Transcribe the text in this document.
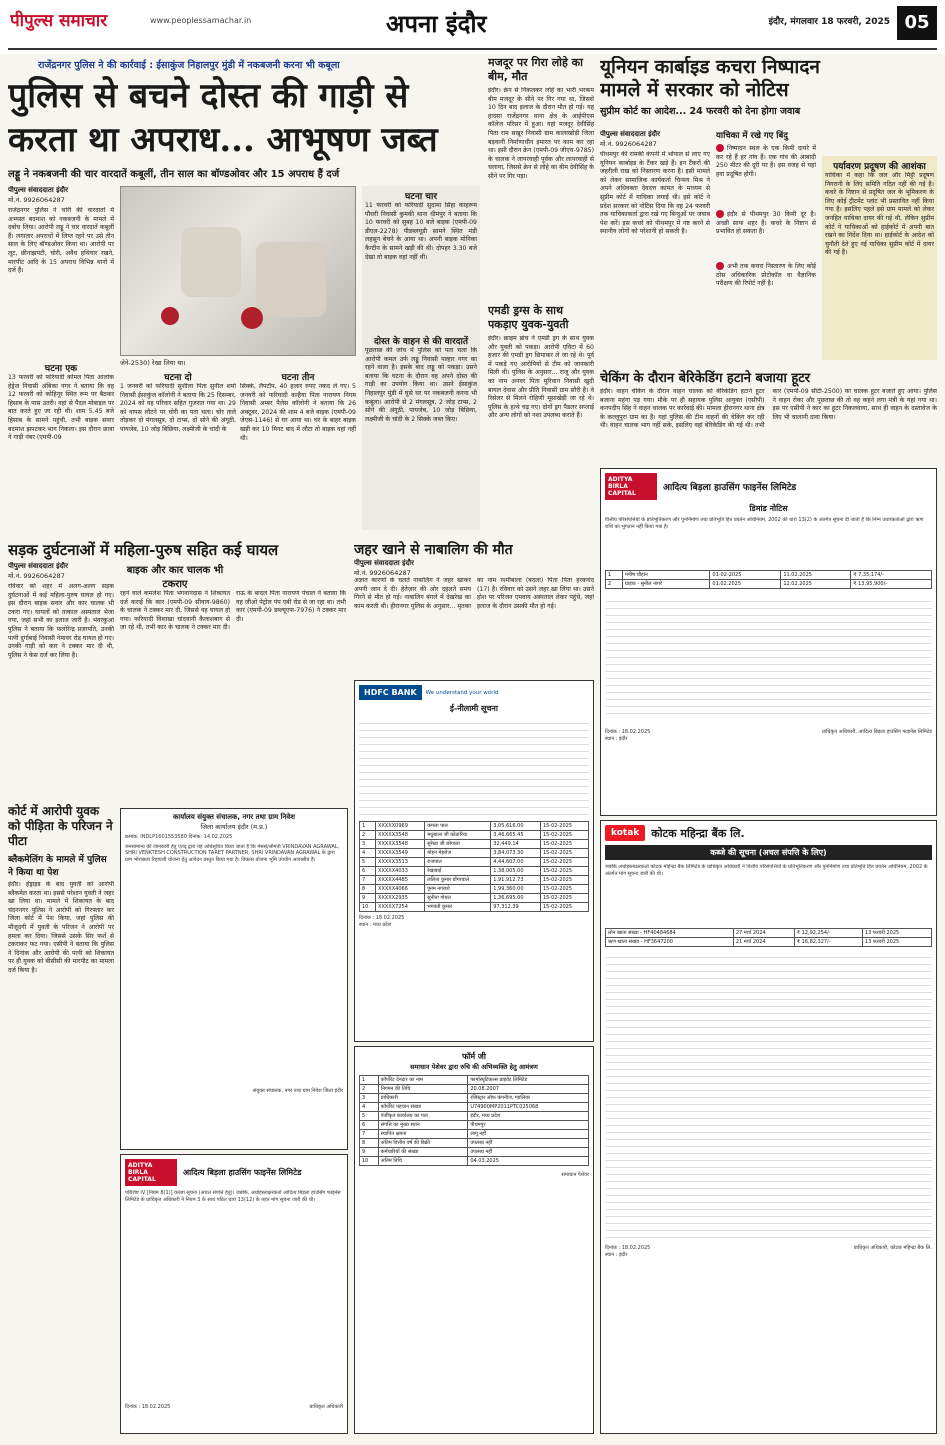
पीपुल्स समाचार	www.peoplessamachar.in	अपना इंदौर	इंदौर, मंगलवार 18 फरवरी, 2025 05
राजेंद्रनगर पुलिस ने की कार्रवाई : ईसाकुंज निहालपुर मुंडी में नकबजनी करना भी कबूला
पुलिस से बचने दोस्त की गाड़ी से
करता था अपराध... आभूषण जब्त
लड्डू ने नकबजनी की चार वारदातें कबूलीं, तीन साल का बॉण्डओवर और 15 अपराध हैं दर्ज
पीपुल्स संवाददाता इंदौर
मो.नं. 9926064287
राजेंद्रनगर पुलिस ने चोरी की वारदातों में अभ्यस्त बदमाश को नकबजनी के मामले में दबोच लिया। आरोपी लड्डू ने चार वारदातें कबूलीं हैं। लगातार अपराधों में लिप्त रहने पर उसे तीन साल के लिए बॉण्डओवर किया था। आरोपी पर लूट, छीनाझपटी, चोरी, अवैध हथियार रखने, मारपीट आदि के 15 अपराध विभिन्न थानों में दर्ज हैं।
घटना एक
13 फरवरी को फरियादी कोमल पिता आलोक हेड्रेज निवासी अंबिका नगर ने बताया कि वह 12 फरवरी को कोहिनूर स्थित रूम पर बैठकर हिसाब के पास उतरी। वहां से पैदल मोबाइल पर बात करते हुए जा रही थी। शाम 5.45 बजे हिसाब के सामने पहुंची, तभी बाइक सवार बदमाश झपटकर भाग निकला। इस दौरान छात्रा ने गाड़ी नंबर (एमपी-09
जेने-2530) रेखा लिया था।
घटना दो
1 जनवरी को फरियादी सुशीला पिता सुनील शर्मा निवासी ईसाकुंज कॉलोनी ने बताया कि 25 दिसम्बर, 2024 को वह परिवार सहित गुजरात गया था। 29 को वापस लौटने पर चोरी का पता चला। चोर ताले तोड़कर दो मंगलसूत्र, दो टाप्स, दो सोने की अंगूठी, पायजेब, 10 जोड़ बिछिया, लक्ष्मीजी के चांदी के
घटना तीन
सिक्के, लैपटॉप, 40 हजार रुपए नकद ले गए। 5 जनवरी को फरियादी कन्हैया पिता नारायण निगम निवासी अम्बर पैलेस कॉलोनी ने बताया कि 26 अक्टूबर, 2024 की शाम 4 बजे बाइक (एमपी-09 जेएस-1146) से घर आया था। घर के बाहर बाइक खड़ी कर 10 मिनट बाद में लौटा तो बाइक वहां नहीं थी।
घटना चार
11 फरवरी को फरियादी सुदामा सिंहा काहरूम पौधरी निवासी कुमकी थाना धीमपुर ने बताया कि 10 फरवरी को सुबह 10 बजे बाइक (एमपी-09 डीएल-2278) पीडब्लयूडी सामने स्थित मंडी लहसुन बेचने के आया था। अपनी बाइक मोनिका कैन्टीन के सामने खड़ी की थी। दोपहर 3.30 बजे देखा तो बाइक वहां नहीं थी।
दोस्त के वाहन से की वारदातें
पूछताछ की जांच में पुलिस को पता चला कि आरोपी कमल उर्फ लड्डू निवासी पल्हार नगर का रहने वाला है। इसके बाद लड्डू को पकड़ा। उसने बताया कि घटना के दौरान वह अपने दोस्त की गाड़ी का उपयोग किया था। उसने ईसाकुंज निहालपुर मुंडी में घुसे घर पर नकबजनी करना भी कबूला। आरोपी से 2 मंगलसूत्र, 2 जोड़ टाप्स, 2 सोने की अंगूठी, पायजेब, 10 जोड़ बिछिया, लक्ष्मीजी के चांदी के 2 सिक्के जब्त किए।
मजदूर पर गिरा लोहे का बीम, मौत
इंदौर। क्रेन से निकलकर लोहे का भारी भरकम बीम मजदूर के सीने पर गिर गया था, जिससे 10 दिन बाद इलाज के दौरान मौत हो गई। यह हादसा राजेंद्रनगर थाना क्षेत्र के आईपीएस कॉलेज परिसर में हुआ। यहां मजदूर देवीसिंह पिता राम सखूर निवासी ग्राम कालाखोड़ी जिला बड़वानी निर्माणाधीन इमारत पर काम कर रहा था। इसी दौरान क्रेन (एमपी-09 जीएच-9785) के चालक ने लापरवाही पूर्वक और लापरवाही से चलाया, जिससे क्रेन से लोहे का बीम देवीसिंह के सीने पर गिर पड़ा।
एमडी ड्रग्स के साथ पकड़ाए युवक-युवती
इंदौर। क्राइम ब्रांच ने एमडी ड्रग के साथ युवक और युवती को पकड़ा। आरोपी एविटा में 60 हजार की एमडी ड्रग छिपाकर ले जा रहे थे। पूर्व में पकड़े गए आरोपियों से टीम को जानकारी मिली थी। पुलिस के अनुसार... राजू और युवक का नाम अनवर पिता मुरिवान निवासी खुदी बायल देवास और प्रीति निवासी ग्राम सौरी है। वे रिसेलर से मिलने रोहिणी मूसाखेड़ी जा रहे थे। पुलिस के हत्थे चढ़ गए। दोनों ड्रग पैडलर सप्लाई और अन्य लोगों को नशा उपलब्ध कराते हैं।
यूनियन कार्बाइड कचरा निष्पादन
मामले में सरकार को नोटिस
सुप्रीम कोर्ट का आदेश... 24 फरवरी को देना होगा जवाब
पीपुल्स संवाददाता इंदौर
मो.नं. 9926064287
पीथमपुर की रामकी कंपनी में भोपाल से लाए गए यूनियन कार्बाइड के टैंकर खड़े हैं। इन टैंकरों की जहरीली राख को निस्तारण करना है। इसी मामले को लेकर सामाजिक कार्यकर्ता चिन्मय मिश्र ने अपने अधिवक्ता देवदत्त कामत के माध्यम से सुप्रीम कोर्ट में याचिका लगाई थी। इसे कोर्ट ने प्रदेश सरकार को नोटिस दिया कि वह 24 फरवरी तक याचिकाकर्ता द्वारा रखे गए बिन्दुओं पर जवाब पेश करें। इस कचरे को पीथमपुर में नष्ट करने से स्थानीय लोगों को परेशानी हो सकती है।
याचिका में रखे गए बिंदु
निष्पादन स्थल के एक किमी दायरे में कर रहे हैं हर गांव हैं। एक गांव की आबादी 250 मीटर की दूरी पर है। इस वजह से यहां हवा प्रदूषित होगी।
इंदौर से पीथमपुर 30 किमी दूर है। अच्छी साफ शहर हैं। कचरे के निष्टान से प्रभावित हो सकता है।
अभी तक कचरा निस्तारण के लिए कोई ठोस अधिकारिक प्रोटोकॉल वा वैज्ञानिक परीक्षण की रिपोर्ट नहीं है।
पर्यावरण प्रदूषण की आशंका
याचिका में कहा कि जल और मिट्टी प्रदूषण निगरानी के लिए समिति गठित नहीं की गई है। कचरे के निष्टान से प्रदूषित जल के भूमिकरण के लिए कोई ट्रीटमेंट प्लांट भी प्रस्तावित नहीं किया गया है। इसलिए पहले इसे ग्राम मामले को लेकर जनहित याचिका दायर की गई थी, लेकिन सुप्रीम कोर्ट ने याचिकाओं को हाईकोर्ट में अपनी बात रखने का निर्देश दिया था। हाईकोर्ट के आदेश को चुनौती देते हुए नई याचिका सुप्रीम कोर्ट में दायर की गई है।
चेकिंग के दौरान बेरिकेडिंग हटाने बजाया हूटर
इंदौर। वाहन चेकिंग के दौरान वाहन चालक को बेरिकेडिंग हटाने हूटर बजाना महंगा पड़ गया। मौके पर ही सहायक पुलिस आयुक्त (एसीपी) कनपदीप सिंह ने वाहन चालक पर कार्रवाई की। मामला हीरानगर थाना क्षेत्र के कल्लूपुरा ग्राम का है। यहां पुलिस की टीम वाहनों की चेकिंग कर रही थी। वाहन चालक भाग नहीं सके, इसलिए वहां बेरिकेडिंग की गई थी। तभी कार (एमपी-09 सीटी-2500) का चालक हूटर बजाते हुए आया। पुलिस ने वाहन रोका और पूछताछ की तो वह कहने लगा मंत्री के यहां गया था। इस पर एसीपी ने कार का हूटर निकलवाया, साथ ही वाहन के दस्तावेज के लिए भी चालानी दावा किया।
ADITYA BIRLA CAPITAL
आदित्य बिड़ला हाउसिंग फाइनेंस लिमिटेड
डिमांड नोटिस
वित्तीय परिसंपत्तियों के प्रतिभूतिकरण और पुनर्निर्माण तथा प्रतिभूति हित प्रवर्तन अधिनियम, 2002 की धारा 13(2) के अंतर्गत सूचना दी जाती है कि निम्न उधारकर्ताओं द्वारा ऋण राशि का भुगतान नहीं किया गया है।
1	मनीष चौहान	01-02-2025	11.02.2025	₹ 7,35,174/-
2	ग्राहक - सुनील नागरे	01.02.2025	12.02.2025	₹ 13,95,900/-
दिनांक : 18.02.2025	प्राधिकृत अधिकारी, आदित्य बिड़ला हाउसिंग फाइनेंस लिमिटेड
स्थान : इंदौर
सड़क दुर्घटनाओं में महिला-पुरुष सहित कई घायल
पीपुल्स संवाददाता इंदौर
मो.नं. 9926064287
रविवार को शहर में अलग-अलग सड़क दुर्घटनाओं में कई महिला-पुरुष घायल हो गए। इस दौरान बाइक सवार और कार चालक भी टकरा गए। घायलों को तत्काल अस्पताल भेजा गया, जहां सभी का इलाज जारी है। भंवरकुआं पुलिस ने बताया कि फलोरेन्द्र प्रजापति, उनकी पत्नी दुर्गाबाई निवासी नेमावर रोड घायल हो गए। उनकी गाड़ी को कार ने टक्कर मार दी थी, पुलिस ने केस दर्ज कर लिया है।
बाइक और कार चालक भी टकराए
रहने वाले कमलेश पिता भगवानदास ने शिकायत दर्ज कराई कि कार (एमपी-09 सीवाय-9860) के चालक ने टक्कर मार दी, जिससे वह घायल हो गया। फरियादी विशाखा चांदवानी कैलाशबाग से जा रहे थी, तभी कार के चालक ने टक्कर मार दी। राऊ के बादल पिता नारायण पंचाल ने बताया कि वह जीओ पेट्रोल पंप एबी रोड से जा रहा था। तभी कार (एमपी-09 डब्ल्यूएफ-7976) ने टक्कर मार दी।
कोर्ट में आरोपी युवक को पीड़िता के परिजन ने पीटा
ब्लैकमेलिंग के मामले में पुलिस ने किया था पेश
इंदौर। हेड्राइड के बाद युवती को आरोपी ब्लैकमेल करता था। इससे परेशान युवती ने जहर खा लिया था। मामले में शिकायत के बाद चंदननगर पुलिस ने आरोपी को गिरफ्तार कर जिला कोर्ट में पेश किया, जहां पुलिस की मौजूदगी में युवती के परिजन ने आरोपी पर हमला कर दिया। जिससे उसके सिर फर्श से टकराकर फट गया। एसीपी ने बताया कि पुलिस ने दिनांक और आरोपी की पत्नी को शिकायत पर ही युवक को बीसीसी की मारपीट का मामला दर्ज किया है।
जहर खाने से नाबालिग की मौत
पीपुल्स संवाददाता इंदौर
मो.नं. 9926064287
अज्ञात कारणों के चलते नाबालिग ने जहर खाकर अपनी जान दे दी। हेतेज़ार की ओर दहलते समय गिरने से मौत हो गई। नाबालिग बंगले में देखरेख का काम करती थी। हीरानगर पुलिस के अनुसार... मृतका का नाम रश्मीबाला (बदला) पिता पिता हरकचंद (17) है। रविवार को उसने जहर खा लिया था। उसने होश पर परिजन एमवाय अस्पताल लेकर पहुंचे, जहां इलाज के दौरान उसकी मौत हो गई।
कार्यालय संयुक्त संचालक, नगर तथा ग्राम निवेश
जिला कार्यालय इंदौर (म.प्र.)
क्रमांक: INDLP1601553580 दिनांक: 14.02.2025
जनसामान्य की जानकारी हेतु एतद् द्वारा यह अधिसूचित किया जाता है कि मेसर्स/श्रीमती VRINDAVAN AGRAWAL, SHRI VENKTESH CONSTRUCTION TARET PARTNER, SHRI VRINDAVAN AGRAWAL के द्वारा ग्राम भोरासला रिहायशी योजना हेतु आवेदन प्रस्तुत किया गया है। विकास योजना भूमि उपयोग आवासीय है।
संयुक्त संचालक, नगर तथा ग्राम निवेश जिला इंदौर
HDFC BANK	We understand your world
ई-नीलामी सूचना
1	XXXXX0969	कमला पाल	3,05,616.00	15-02-2025
2	XXXXX3548	मधुबाला जी कोठारिया	3,46,665.45	15-02-2025
3	XXXXX3548	सुरेखा जी छोगाला	32,449.14	15-02-2025
4	XXXXX3549	मोहन मेहरोज	3,84,073.30	15-02-2025
5	XXXXX3513	राजपाल	4,44,607.00	15-02-2025
6	XXXXX4033	रेखाबाई	1,38,005.00	15-02-2025
7	XXXXX4485	ललिता कुमार डोंगरवाले	1,91,912.73	15-02-2025
8	XXXXX4066	पूनम नगराशे	1,99,360.00	15-02-2025
9	XXXXX2935	सुनीता गोयल	1,36,695.00	15-02-2025
10	XXXXX7254	भगवती कुमार	97,312.39	15-02-2025
दिनांक : 18.02.2025
स्थान : मध्य प्रदेश
फॉर्म जी
समाधान पेशेवर द्वारा रुचि की अभिव्यक्ति हेतु आमंत्रण
1	कॉर्पोरेट देनदार का नाम	फार्मास्यूटिकल्स प्राइवेट लिमिटेड
2	निगमन की तिथि	20.08.2007
3	प्राधिकारी	रजिस्ट्रार ऑफ कंपनीज, ग्वालियर
4	कॉर्पोरेट पहचान संख्या	U74900MP2011PTC025068
5	पंजीकृत कार्यालय का पता	इंदौर, मध्य प्रदेश
6	संपत्ति का मुख्य स्थान	पीथमपुर
7	स्थापित क्षमता	लागू नहीं
8	अंतिम वित्तीय वर्ष की बिक्री	उपलब्ध नहीं
9	कर्मचारियों की संख्या	उपलब्ध नहीं
10	अंतिम तिथि	04.03.2025
समाधान पेशेवर
ADITYA BIRLA CAPITAL
आदित्य बिड़ला हाउसिंग फाइनेंस लिमिटेड
परिशिष्ट IV [नियम 8(1)] कब्जा सूचना (अचल संपत्ति हेतु)। जबकि, अधोहस्ताक्षरकर्ता आदित्य बिड़ला हाउसिंग फाइनेंस लिमिटेड के प्राधिकृत अधिकारी ने नियम 3 के साथ पठित धारा 13(12) के तहत मांग सूचना जारी की थी।
दिनांक : 18.02.2025	प्राधिकृत अधिकारी
kotak	कोटक महिन्द्रा बैंक लि.
कब्जे की सूचना (अचल संपत्ति के लिए)
जबकि अधोहस्ताक्षरकर्ता कोटक महिन्द्रा बैंक लिमिटेड के प्राधिकृत अधिकारी ने वित्तीय परिसंपत्तियों के प्रतिभूतिकरण और पुनर्निर्माण तथा प्रतिभूति हित प्रवर्तन अधिनियम, 2002 के अंतर्गत मांग सूचना जारी की थी।
लोन खाता संख्या - HF40484684	27 मार्च 2024	₹ 12,92,254/-	13 फरवरी 2025
ऋण खाता संख्या - HF3647200	21 मार्च 2024	₹ 16,82,327/-	13 फरवरी 2025
दिनांक : 18.02.2025	प्राधिकृत अधिकारी, कोटक महिन्द्रा बैंक लि.
स्थान : इंदौर
